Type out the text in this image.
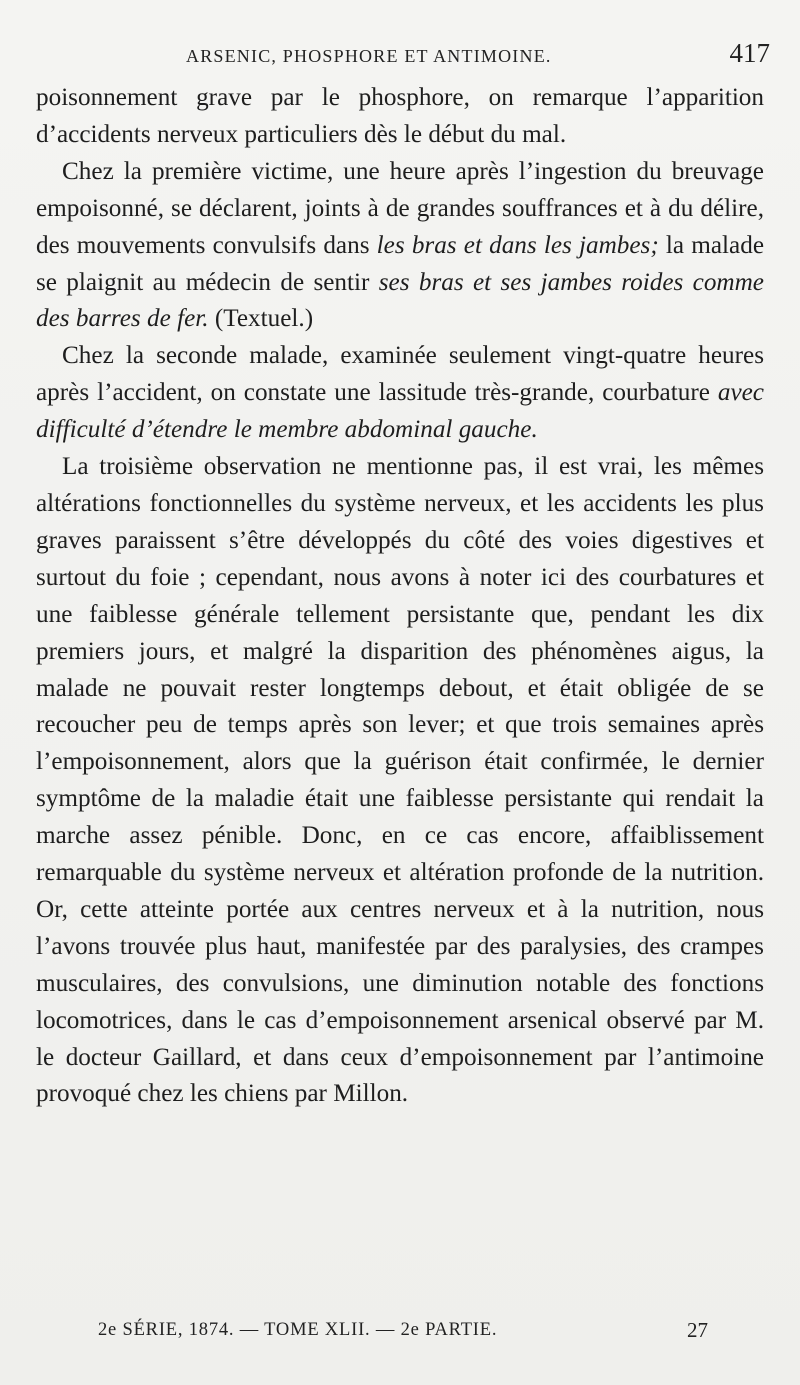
ARSENIC, PHOSPHORE ET ANTIMOINE.	417

poisonnement grave par le phosphore, on remarque l’apparition d’accidents nerveux particuliers dès le début du mal.

Chez la première victime, une heure après l’ingestion du breuvage empoisonné, se déclarent, joints à de grandes souffrances et à du délire, des mouvements convulsifs dans les bras et dans les jambes; la malade se plaignit au médecin de sentir ses bras et ses jambes roides comme des barres de fer. (Textuel.)

Chez la seconde malade, examinée seulement vingt-quatre heures après l’accident, on constate une lassitude très-grande, courbature avec difficulté d’étendre le membre abdominal gauche.

La troisième observation ne mentionne pas, il est vrai, les mêmes altérations fonctionnelles du système nerveux, et les accidents les plus graves paraissent s’être développés du côté des voies digestives et surtout du foie ; cependant, nous avons à noter ici des courbatures et une faiblesse générale tellement persistante que, pendant les dix premiers jours, et malgré la disparition des phénomènes aigus, la malade ne pouvait rester longtemps debout, et était obligée de se recoucher peu de temps après son lever; et que trois semaines après l’empoisonnement, alors que la guérison était confirmée, le dernier symptôme de la maladie était une faiblesse persistante qui rendait la marche assez pénible. Donc, en ce cas encore, affaiblissement remarquable du système nerveux et altération profonde de la nutrition. Or, cette atteinte portée aux centres nerveux et à la nutrition, nous l’avons trouvée plus haut, manifestée par des paralysies, des crampes musculaires, des convulsions, une diminution notable des fonctions locomotrices, dans le cas d’empoisonnement arsenical observé par M. le docteur Gaillard, et dans ceux d’empoisonnement par l’antimoine provoqué chez les chiens par Millon.

2e SÉRIE, 1874. — TOME XLII. — 2e PARTIE.	27
